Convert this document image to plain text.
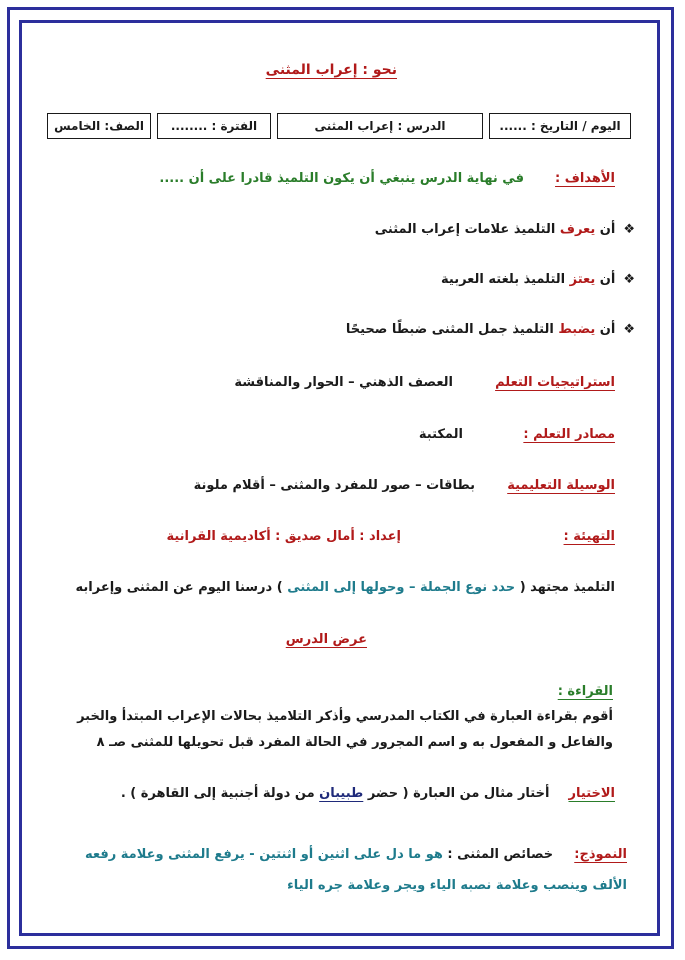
نحو : إعراب المثنى
اليوم / التاريخ : ......
الدرس : إعراب المثنى
الفترة : ........
الصف: الخامس
الأهداف :  في نهاية الدرس ينبغي أن يكون التلميذ قادرا على أن .....
❖أن يعرف التلميذ علامات إعراب المثنى
❖أن يعتز التلميذ بلغته العربية
❖أن يضبط التلميذ جمل المثنى ضبطًا صحيحًا
استراتيجيات التعلم
العصف الذهني – الحوار والمناقشة
مصادر التعلم :
المكتبة
الوسيلة التعليمية
بطاقات – صور للمفرد والمثنى – أقلام ملونة
التهيئة :
إعداد : أمال صديق : أكاديمية القرانية
التلميذ مجتهد ( حدد نوع الجملة – وحولها إلى المثنى ) درسنا اليوم عن المثنى وإعرابه
عرض الدرس
القراءة :
أقوم بقراءة العبارة في الكتاب المدرسي وأذكر التلاميذ بحالات الإعراب المبتدأ والخبر
والفاعل و المفعول به و اسم المجرور في الحالة المفرد قبل تحويلها للمثنى صـ ٨
الاختيار  أختار مثال من العبارة ( حضر طبيبان من دولة أجنبية إلى القاهرة ) .
النموذج:  خصائص المثنى : هو ما دل على اثنين أو اثنتين - يرفع المثنى وعلامة رفعه
الألف وينصب وعلامة نصبه الياء ويجر وعلامة جره الياء
